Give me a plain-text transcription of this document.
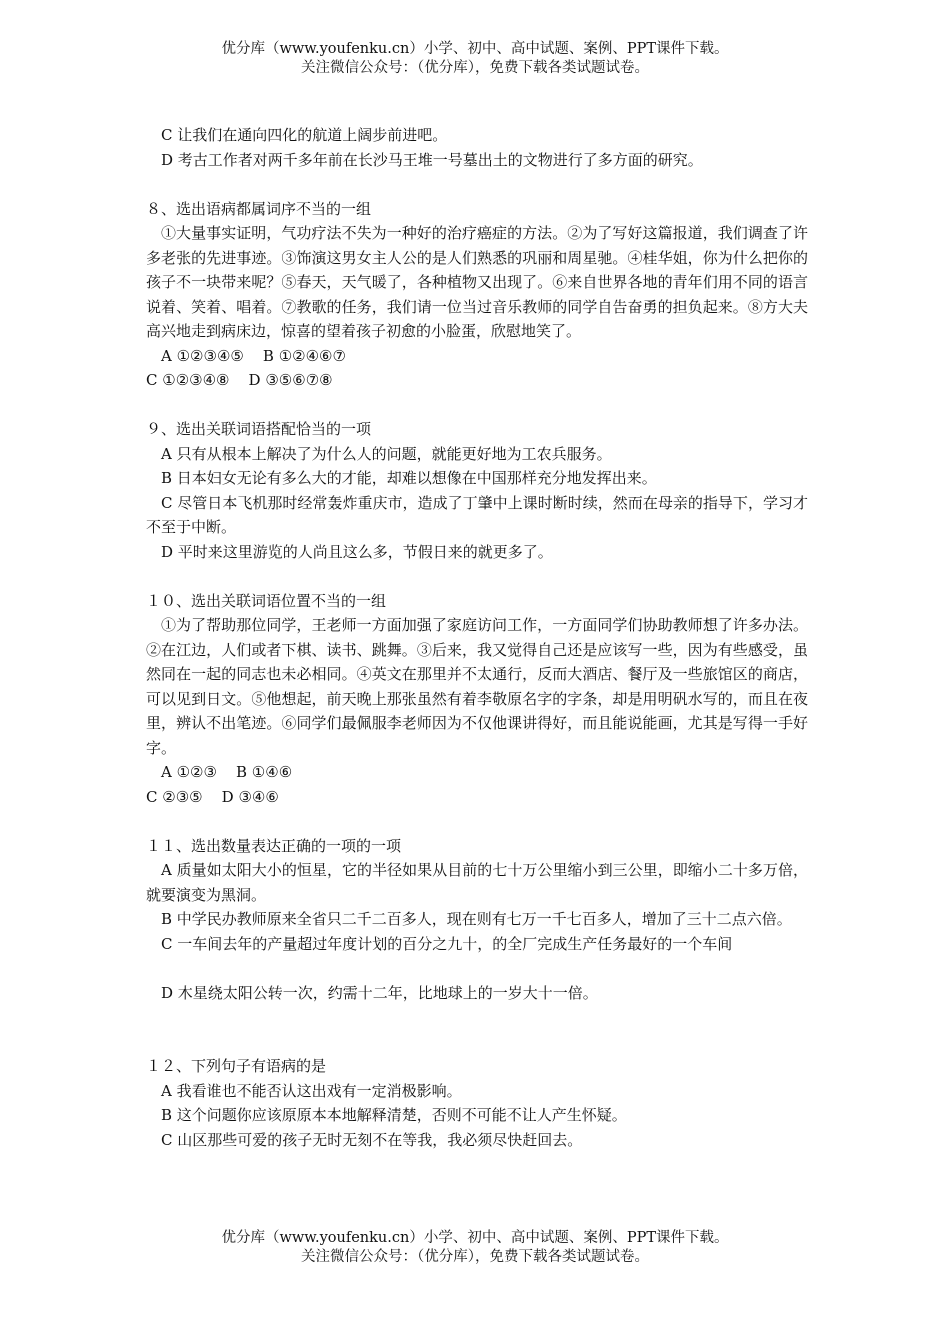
优分库（www.youfenku.cn）小学、初中、高中试题、案例、PPT课件下载。
关注微信公众号：（优分库），免费下载各类试题试卷。

C 让我们在通向四化的航道上阔步前进吧。

D 考古工作者对两千多年前在长沙马王堆一号墓出土的文物进行了多方面的研究。

８、选出语病都属词序不当的一组

①大量事实证明，气功疗法不失为一种好的治疗癌症的方法。②为了写好这篇报道，我们调查了许多老张的先进事迹。③饰演这男女主人公的是人们熟悉的巩丽和周星驰。④桂华姐，你为什么把你的孩子不一块带来呢？⑤春天，天气暖了，各种植物又出现了。⑥来自世界各地的青年们用不同的语言说着、笑着、唱着。⑦教歌的任务，我们请一位当过音乐教师的同学自告奋勇的担负起来。⑧方大夫高兴地走到病床边，惊喜的望着孩子初愈的小脸蛋，欣慰地笑了。

A ①②③④⑤    B ①②④⑥⑦

C ①②③④⑧    D ③⑤⑥⑦⑧

９、选出关联词语搭配恰当的一项

A 只有从根本上解决了为什么人的问题，就能更好地为工农兵服务。

B 日本妇女无论有多么大的才能，却难以想像在中国那样充分地发挥出来。

C 尽管日本飞机那时经常轰炸重庆市，造成了丁肇中上课时断时续，然而在母亲的指导下，学习才不至于中断。

D 平时来这里游览的人尚且这么多，节假日来的就更多了。

１０、选出关联词语位置不当的一组

①为了帮助那位同学，王老师一方面加强了家庭访问工作，一方面同学们协助教师想了许多办法。②在江边，人们或者下棋、读书、跳舞。③后来，我又觉得自己还是应该写一些，因为有些感受，虽然同在一起的同志也未必相同。④英文在那里并不太通行，反而大酒店、餐厅及一些旅馆区的商店，可以见到日文。⑤他想起，前天晚上那张虽然有着李敬原名字的字条，却是用明矾水写的，而且在夜里，辨认不出笔迹。⑥同学们最佩服李老师因为不仅他课讲得好，而且能说能画，尤其是写得一手好字。

A ①②③    B ①④⑥

C ②③⑤    D ③④⑥

１１、选出数量表达正确的一项的一项

A 质量如太阳大小的恒星，它的半径如果从目前的七十万公里缩小到三公里，即缩小二十多万倍，就要演变为黑洞。

B 中学民办教师原来全省只二千二百多人，现在则有七万一千七百多人，增加了三十二点六倍。

C 一车间去年的产量超过年度计划的百分之九十，的全厂完成生产任务最好的一个车间

D 木星绕太阳公转一次，约需十二年，比地球上的一岁大十一倍。

１２、下列句子有语病的是

A 我看谁也不能否认这出戏有一定消极影响。

B 这个问题你应该原原本本地解释清楚，否则不可能不让人产生怀疑。

C 山区那些可爱的孩子无时无刻不在等我，我必须尽快赶回去。

优分库（www.youfenku.cn）小学、初中、高中试题、案例、PPT课件下载。
关注微信公众号：（优分库），免费下载各类试题试卷。
